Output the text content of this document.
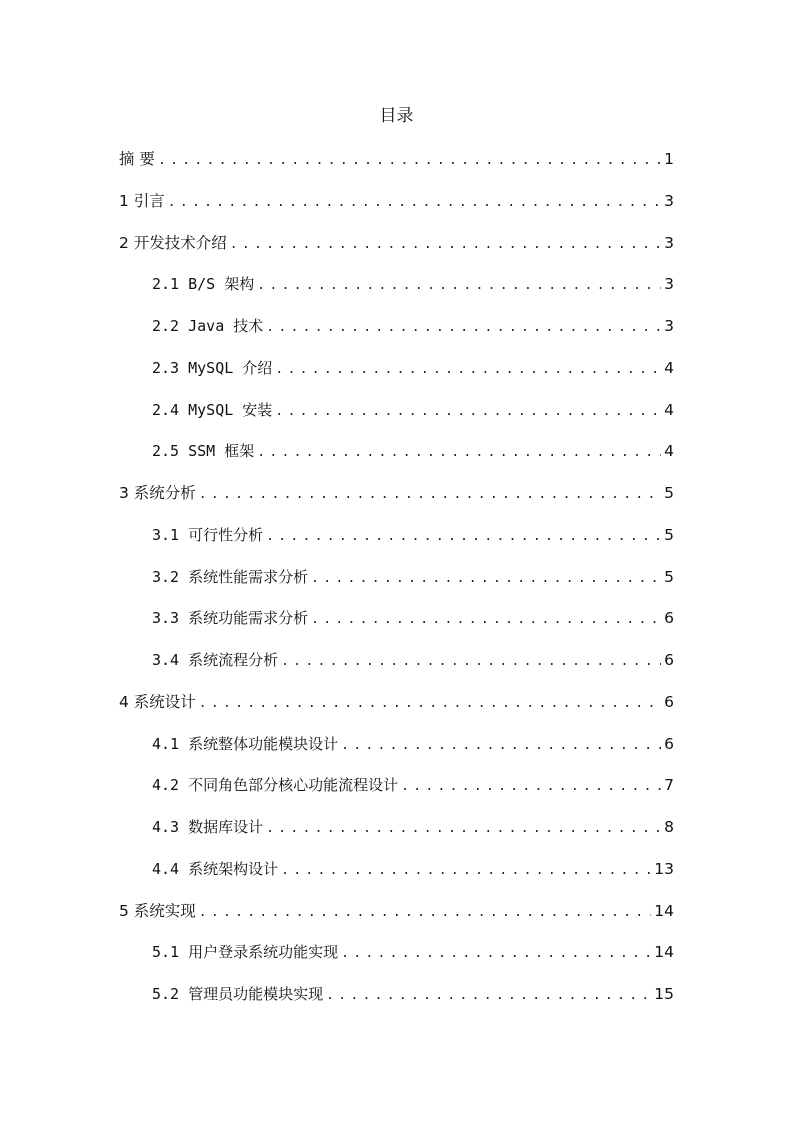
目录
摘 要 .....	1
1 引言 .....	3
2 开发技术介绍 .....	3
2.1 B/S 架构 .....	3
2.2 Java 技术 .....	3
2.3 MySQL 介绍 .....	4
2.4 MySQL 安装 .....	4
2.5 SSM 框架 .....	4
3 系统分析 .....	5
3.1 可行性分析 .....	5
3.2 系统性能需求分析 .....	5
3.3 系统功能需求分析 .....	6
3.4 系统流程分析 .....	6
4 系统设计 .....	6
4.1 系统整体功能模块设计 .....	6
4.2 不同角色部分核心功能流程设计 .....	7
4.3 数据库设计 .....	8
4.4 系统架构设计 .....	13
5 系统实现 .....	14
5.1 用户登录系统功能实现 .....	14
5.2 管理员功能模块实现 .....	15
